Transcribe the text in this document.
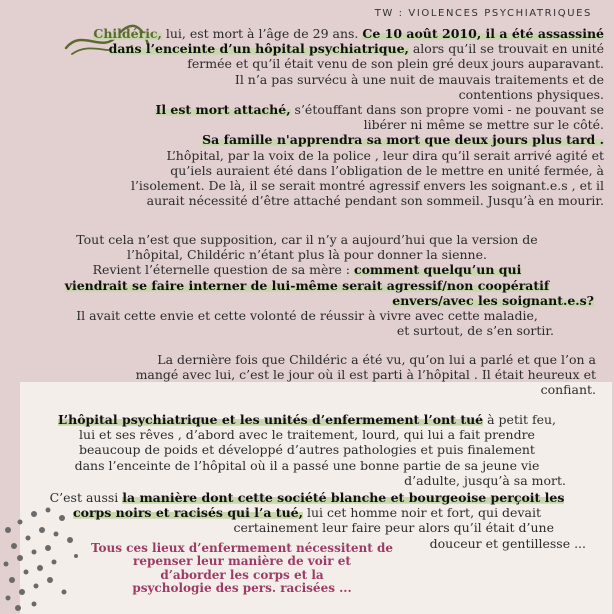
TW : VIOLENCES PSYCHIATRIQUES
Childéric, lui, est mort à l’âge de 29 ans. Ce 10 août 2010, il a été assassiné
dans l’enceinte d’un hôpital psychiatrique, alors qu’il se trouvait en unité
fermée et qu’il était venu de son plein gré deux jours auparavant.
Il n’a pas survécu à une nuit de mauvais traitements et de
contentions physiques.
Il est mort attaché, s’étouffant dans son propre vomi - ne pouvant se
libérer ni même se mettre sur le côté.
Sa famille n'apprendra sa mort que deux jours plus tard .
L’hôpital, par la voix de la police , leur dira qu’il serait arrivé agité et
qu’iels auraient été dans l’obligation de le mettre en unité fermée, à
l’isolement. De là, il se serait montré agressif envers les soignant.e.s , et il
aurait nécessité d’être attaché pendant son sommeil. Jusqu’à en mourir.
Tout cela n’est que supposition, car il n’y a aujourd’hui que la version de
l’hôpital, Childéric n’étant plus là pour donner la sienne.
Revient l’éternelle question de sa mère : comment quelqu’un qui
viendrait se faire interner de lui-même serait agressif/non coopératif
envers/avec les soignant.e.s?
Il avait cette envie et cette volonté de réussir à vivre avec cette maladie,
et surtout, de s’en sortir.
La dernière fois que Childéric a été vu, qu’on lui a parlé et que l’on a
mangé avec lui, c’est le jour où il est parti à l’hôpital . Il était heureux et
confiant.
L’hôpital psychiatrique et les unités d’enfermement l’ont tué à petit feu,
lui et ses rêves , d’abord avec le traitement, lourd, qui lui a fait prendre
beaucoup de poids et développé d’autres pathologies et puis finalement
dans l’enceinte de l’hôpital où il a passé une bonne partie de sa jeune vie
d’adulte, jusqu’à sa mort.
C’est aussi la manière dont cette société blanche et bourgeoise perçoit les
corps noirs et racisés qui l’a tué, lui cet homme noir et fort, qui devait
certainement leur faire peur alors qu’il était d’une
douceur et gentillesse ...
Tous ces lieux d’enfermement nécessitent de
repenser leur manière de voir et
d’aborder les corps et la
psychologie des pers. racisées ...
